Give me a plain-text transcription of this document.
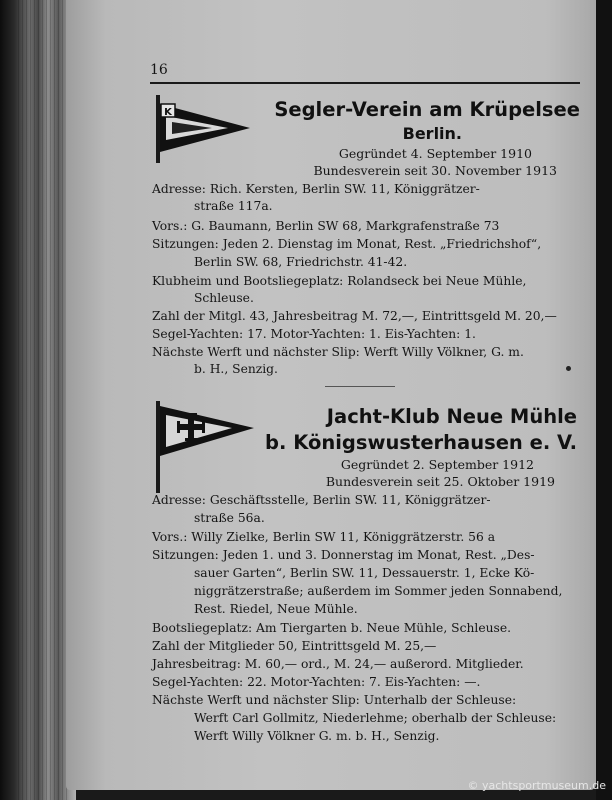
16
K	Segler-Verein am Krüpelsee
Berlin.
Gegründet 4. September 1910
Bundesverein seit 30. November 1913
Adresse: Rich. Kersten, Berlin SW. 11, Königgrätzer-
straße 117a.
Vors.: G. Baumann, Berlin SW 68, Markgrafenstraße 73
Sitzungen: Jeden 2. Dienstag im Monat, Rest. „Friedrichshof“,
Berlin SW. 68, Friedrichstr. 41-42.
Klubheim und Bootsliegeplatz: Rolandseck bei Neue Mühle,
Schleuse.
Zahl der Mitgl. 43, Jahresbeitrag M. 72,—, Eintrittsgeld M. 20,—
Segel-Yachten: 17. Motor-Yachten: 1. Eis-Yachten: 1.
Nächste Werft und nächster Slip: Werft Willy Völkner, G. m.
b. H., Senzig.
Jacht-Klub Neue Mühle
b. Königswusterhausen e. V.
Gegründet 2. September 1912
Bundesverein seit 25. Oktober 1919
Adresse: Geschäftsstelle, Berlin SW. 11, Königgrätzer-
straße 56a.
Vors.: Willy Zielke, Berlin SW 11, Königgrätzerstr. 56 a
Sitzungen: Jeden 1. und 3. Donnerstag im Monat, Rest. „Des-
sauer Garten“, Berlin SW. 11, Dessauerstr. 1, Ecke Kö-
niggrätzerstraße; außerdem im Sommer jeden Sonnabend,
Rest. Riedel, Neue Mühle.
Bootsliegeplatz: Am Tiergarten b. Neue Mühle, Schleuse.
Zahl der Mitglieder 50, Eintrittsgeld M. 25,—
Jahresbeitrag: M. 60,— ord., M. 24,— außerord. Mitglieder.
Segel-Yachten: 22. Motor-Yachten: 7. Eis-Yachten: —.
Nächste Werft und nächster Slip: Unterhalb der Schleuse:
Werft Carl Gollmitz, Niederlehme; oberhalb der Schleuse:
Werft Willy Völkner G. m. b. H., Senzig.
© yachtsportmuseum.de
